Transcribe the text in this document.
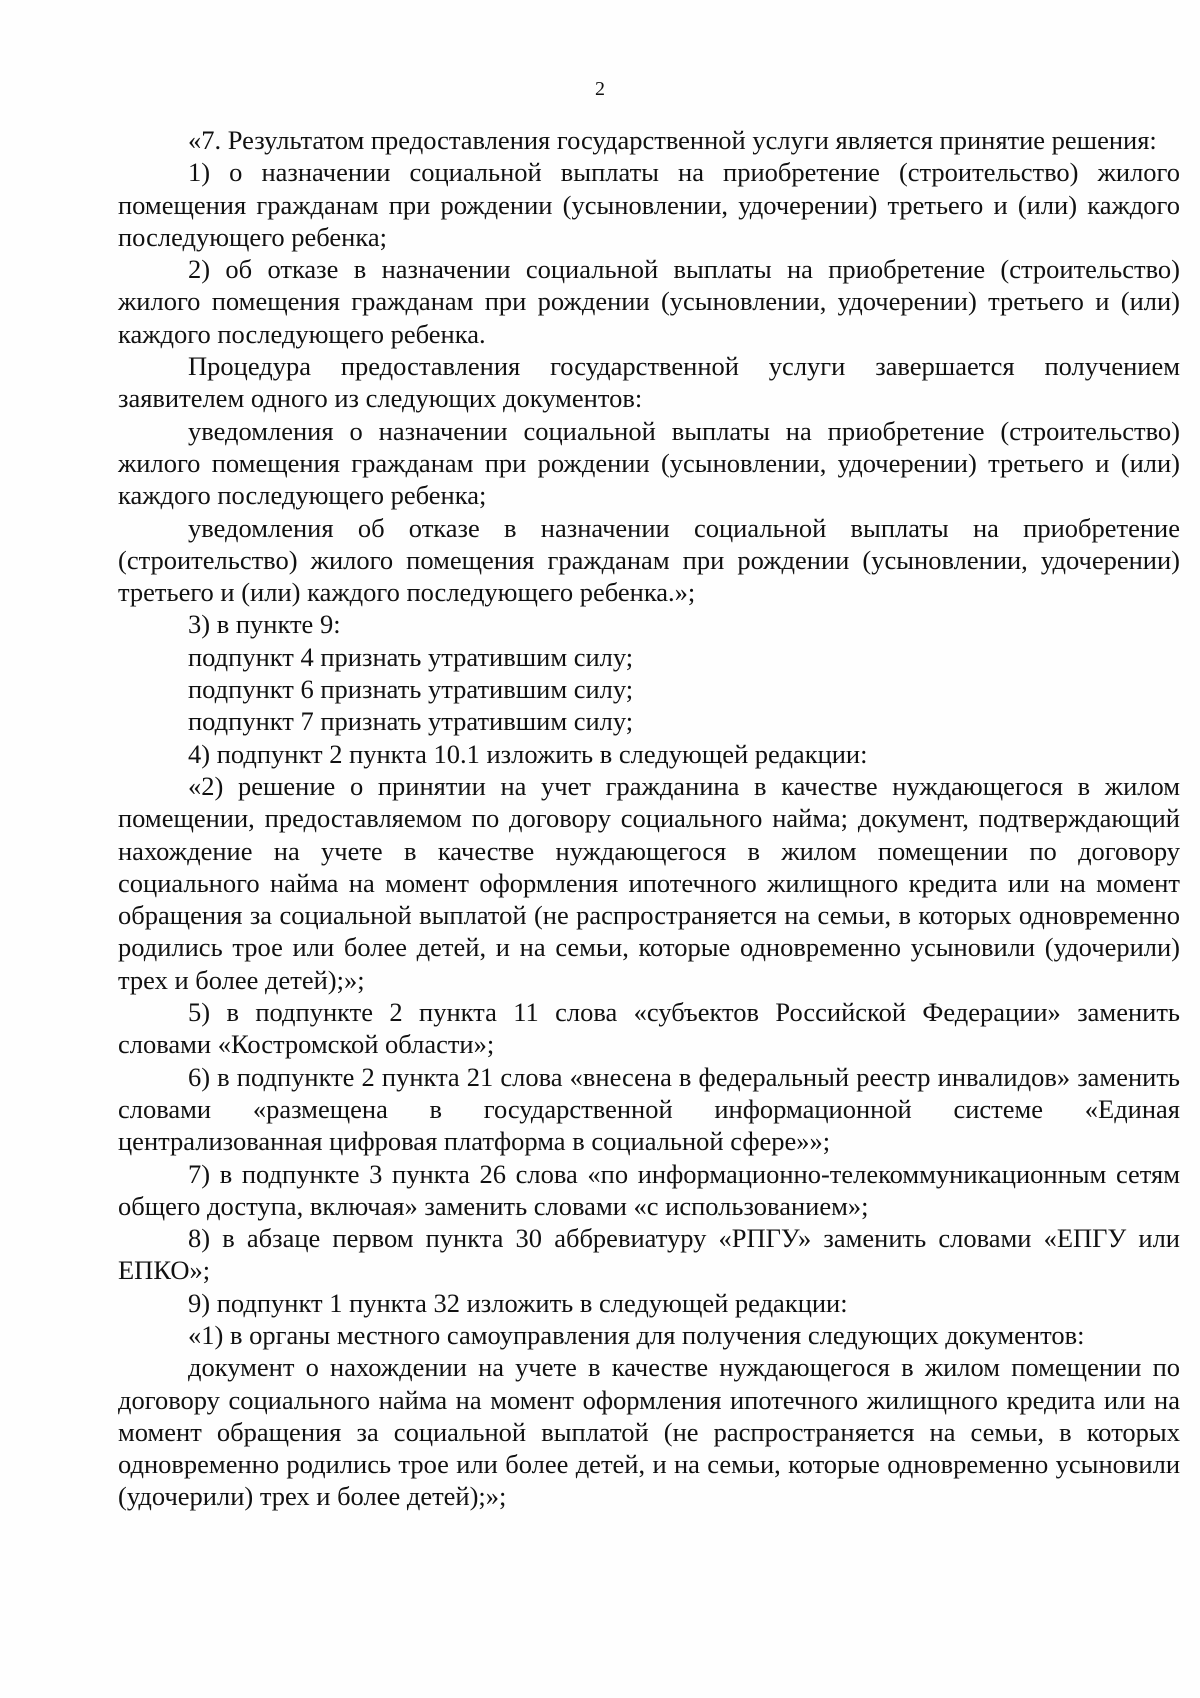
2

«7. Результатом предоставления государственной услуги является принятие решения:

1) о назначении социальной выплаты на приобретение (строительство) жилого помещения гражданам при рождении (усыновлении, удочерении) третьего и (или) каждого последующего ребенка;

2) об отказе в назначении социальной выплаты на приобретение (строительство) жилого помещения гражданам при рождении (усыновлении, удочерении) третьего и (или) каждого последующего ребенка.

Процедура предоставления государственной услуги завершается получением заявителем одного из следующих документов:

уведомления о назначении социальной выплаты на приобретение (строительство) жилого помещения гражданам при рождении (усыновлении, удочерении) третьего и (или) каждого последующего ребенка;

уведомления об отказе в назначении социальной выплаты на приобретение (строительство) жилого помещения гражданам при рождении (усыновлении, удочерении) третьего и (или) каждого последующего ребенка.»;

3) в пункте 9:

подпункт 4 признать утратившим силу;

подпункт 6 признать утратившим силу;

подпункт 7 признать утратившим силу;

4) подпункт 2 пункта 10.1 изложить в следующей редакции:

«2) решение о принятии на учет гражданина в качестве нуждающегося в жилом помещении, предоставляемом по договору социального найма; документ, подтверждающий нахождение на учете в качестве нуждающегося в жилом помещении по договору социального найма на момент оформления ипотечного жилищного кредита или на момент обращения за социальной выплатой (не распространяется на семьи, в которых одновременно родились трое или более детей, и на семьи, которые одновременно усыновили (удочерили) трех и более детей);»;

5) в подпункте 2 пункта 11 слова «субъектов Российской Федерации» заменить словами «Костромской области»;

6) в подпункте 2 пункта 21 слова «внесена в федеральный реестр инвалидов» заменить словами «размещена в государственной информационной системе «Единая централизованная цифровая платформа в социальной сфере»»;

7) в подпункте 3 пункта 26 слова «по информационно-телекоммуникационным сетям общего доступа, включая» заменить словами «с использованием»;

8) в абзаце первом пункта 30 аббревиатуру «РПГУ» заменить словами «ЕПГУ или ЕПКО»;

9) подпункт 1 пункта 32 изложить в следующей редакции:

«1) в органы местного самоуправления для получения следующих документов:

документ о нахождении на учете в качестве нуждающегося в жилом помещении по договору социального найма на момент оформления ипотечного жилищного кредита или на момент обращения за социальной выплатой (не распространяется на семьи, в которых одновременно родились трое или более детей, и на семьи, которые одновременно усыновили (удочерили) трех и более детей);»;
